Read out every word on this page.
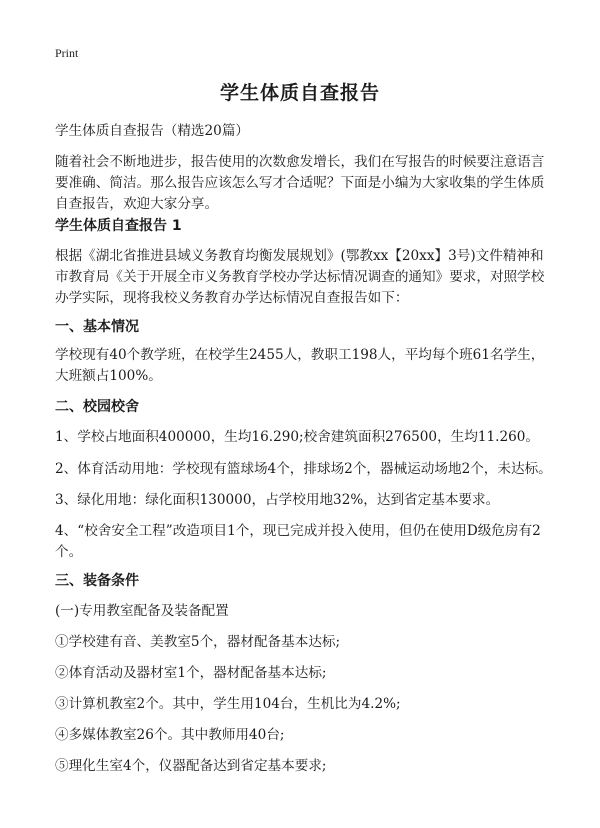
Print
学生体质自查报告
学生体质自查报告（精选20篇）
随着社会不断地进步，报告使用的次数愈发增长，我们在写报告的时候要注意语言要准确、简洁。那么报告应该怎么写才合适呢？下面是小编为大家收集的学生体质自查报告，欢迎大家分享。
学生体质自查报告 1
根据《湖北省推进县域义务教育均衡发展规划》(鄂教xx【20xx】3号)文件精神和市教育局《关于开展全市义务教育学校办学达标情况调查的通知》要求，对照学校办学实际，现将我校义务教育办学达标情况自查报告如下：
一、基本情况
学校现有40个教学班，在校学生2455人，教职工198人，平均每个班61名学生，大班额占100%。
二、校园校舍
1、学校占地面积400000，生均16.290;校舍建筑面积276500，生均11.260。
2、体育活动用地：学校现有篮球场4个，排球场2个，器械运动场地2个，未达标。
3、绿化用地：绿化面积130000，占学校用地32%，达到省定基本要求。
4、“校舍安全工程”改造项目1个，现已完成并投入使用，但仍在使用D级危房有2个。
三、装备条件
(一)专用教室配备及装备配置
①学校建有音、美教室5个，器材配备基本达标;
②体育活动及器材室1个，器材配备基本达标;
③计算机教室2个。其中，学生用104台，生机比为4.2%;
④多媒体教室26个。其中教师用40台;
⑤理化生室4个，仪器配备达到省定基本要求;
